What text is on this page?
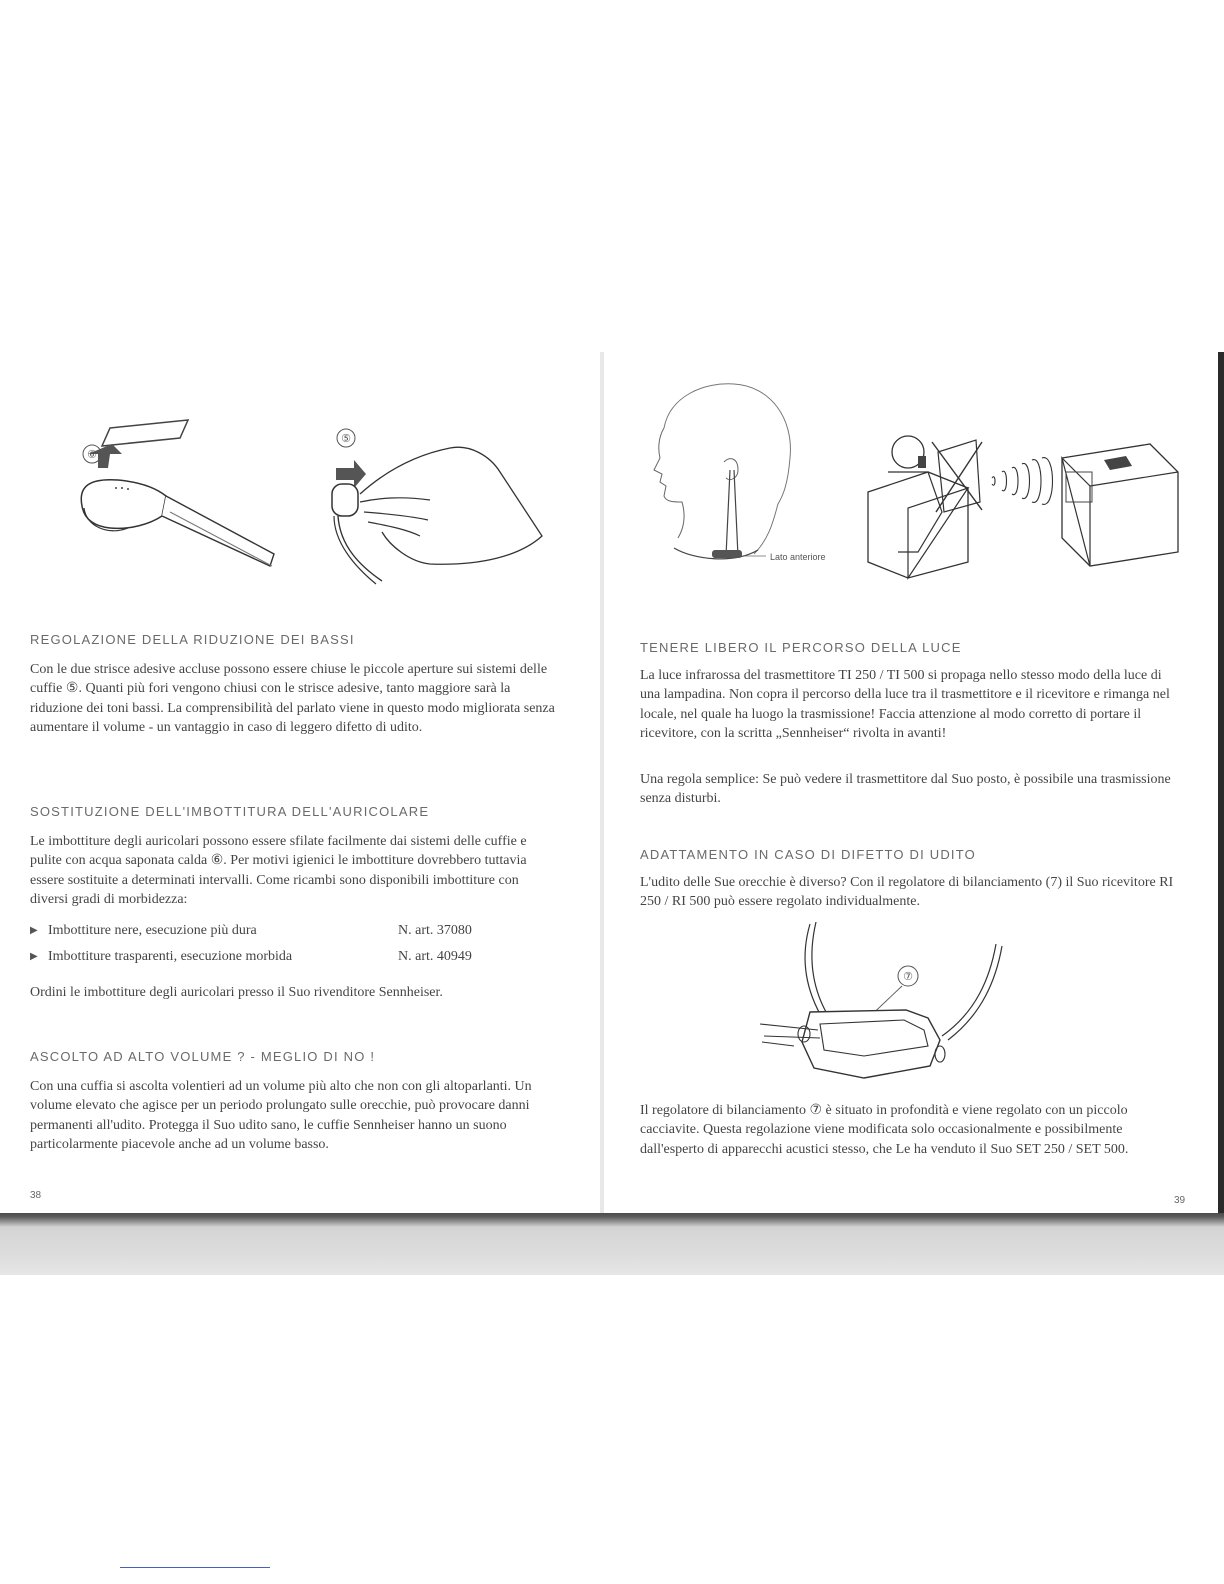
⑥
⑤
REGOLAZIONE DELLA RIDUZIONE DEI BASSI

Con le due strisce adesive accluse possono essere chiuse le piccole aperture sui sistemi delle cuffie ⑤. Quanti più fori vengono chiusi con le strisce adesive, tanto maggiore sarà la riduzione dei toni bassi. La comprensibilità del parlato viene in questo modo migliorata senza aumentare il volume - un vantaggio in caso di leggero difetto di udito.

SOSTITUZIONE DELL'IMBOTTITURA DELL'AURICOLARE

Le imbottiture degli auricolari possono essere sfilate facilmente dai sistemi delle cuffie e pulite con acqua saponata calda ⑥. Per motivi igienici le imbottiture dovrebbero tuttavia essere sostituite a determinati intervalli. Come ricambi sono disponibili imbottiture con diversi gradi di morbidezza:

▶ Imbottiture nere, esecuzione più dura	N. art. 37080
▶ Imbottiture trasparenti, esecuzione morbida	N. art. 40949

Ordini le imbottiture degli auricolari presso il Suo rivenditore Sennheiser.

ASCOLTO AD ALTO VOLUME ? - MEGLIO DI NO !

Con una cuffia si ascolta volentieri ad un volume più alto che non con gli altoparlanti. Un volume elevato che agisce per un periodo prolungato sulle orecchie, può provocare danni permanenti all'udito. Protegga il Suo udito sano, le cuffie Sennheiser hanno un suono particolarmente piacevole anche ad un volume basso.

38
Lato anteriore
TENERE LIBERO IL PERCORSO DELLA LUCE

La luce infrarossa del trasmettitore TI 250 / TI 500 si propaga nello stesso modo della luce di una lampadina. Non copra il percorso della luce tra il trasmettitore e il ricevitore e rimanga nel locale, nel quale ha luogo la trasmissione! Faccia attenzione al modo corretto di portare il ricevitore, con la scritta „Sennheiser“ rivolta in avanti!

Una regola semplice: Se può vedere il trasmettitore dal Suo posto, è possibile una trasmissione senza disturbi.

ADATTAMENTO IN CASO DI DIFETTO DI UDITO

L'udito delle Sue orecchie è diverso? Con il regolatore di bilanciamento (7) il Suo ricevitore RI 250 / RI 500 può essere regolato individualmente.

⑦

Il regolatore di bilanciamento ⑦ è situato in profondità e viene regolato con un piccolo cacciavite. Questa regolazione viene modificata solo occasionalmente e possibilmente dall'esperto di apparecchi acustici stesso, che Le ha venduto il Suo SET 250 / SET 500.

39
